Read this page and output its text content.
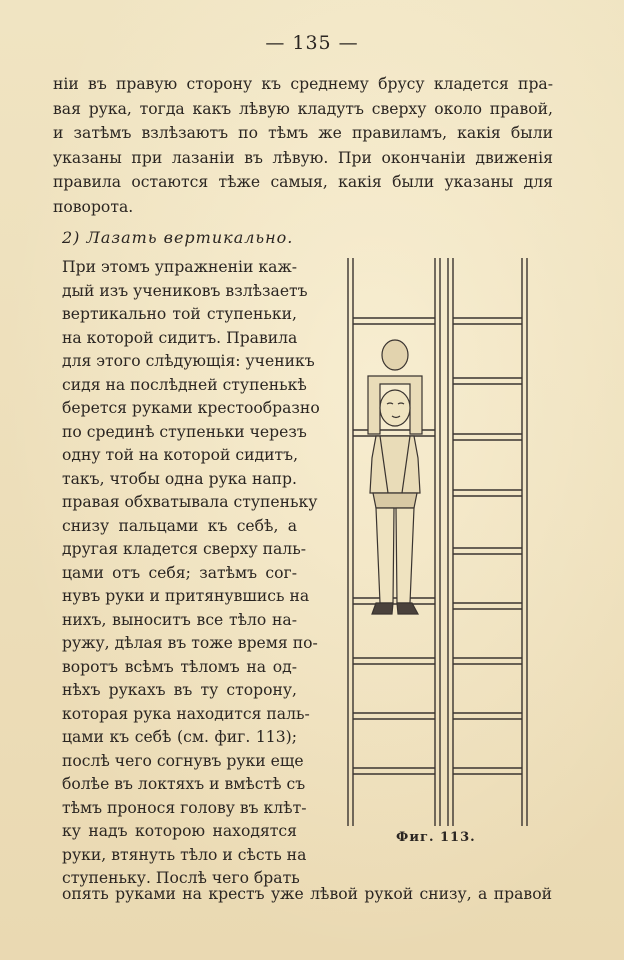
— 135 —
ніи въ правую сторону къ среднему брусу кладется пра-
вая рука, тогда какъ лѣвую кладутъ сверху около правой,
и затѣмъ взлѣзаютъ по тѣмъ же правиламъ, какія были
указаны при лазаніи въ лѣвую. При окончаніи движенія
правила остаются тѣже самыя, какія были указаны для
поворота.
2) Лазать вертикально.
При этомъ упражненіи каж-
дый изъ учениковъ взлѣзаетъ
вертикально той ступеньки,
на которой сидитъ. Правила
для этого слѣдующія: ученикъ
сидя на послѣдней ступенькѣ
берется руками крестообразно
по срединѣ ступеньки черезъ
одну той на которой сидитъ,
такъ, чтобы одна рука напр.
правая обхватывала ступеньку
снизу пальцами къ себѣ, а
другая кладется сверху паль-
цами отъ себя; затѣмъ сог-
нувъ руки и притянувшись на
нихъ, выноситъ все тѣло на-
ружу, дѣлая въ тоже время по-
воротъ всѣмъ тѣломъ на од-
нѣхъ рукахъ въ ту сторону,
которая рука находится паль-
цами къ себѣ (см. фиг. 113);
послѣ чего согнувъ руки еще
болѣе въ локтяхъ и вмѣстѣ съ
тѣмъ пронося голову въ клѣт-
ку надъ которою находятся
руки, втянуть тѣло и сѣсть на
ступеньку. Послѣ чего брать
Фиг. 113.
опять руками на крестъ уже лѣвой рукой снизу, а правой
